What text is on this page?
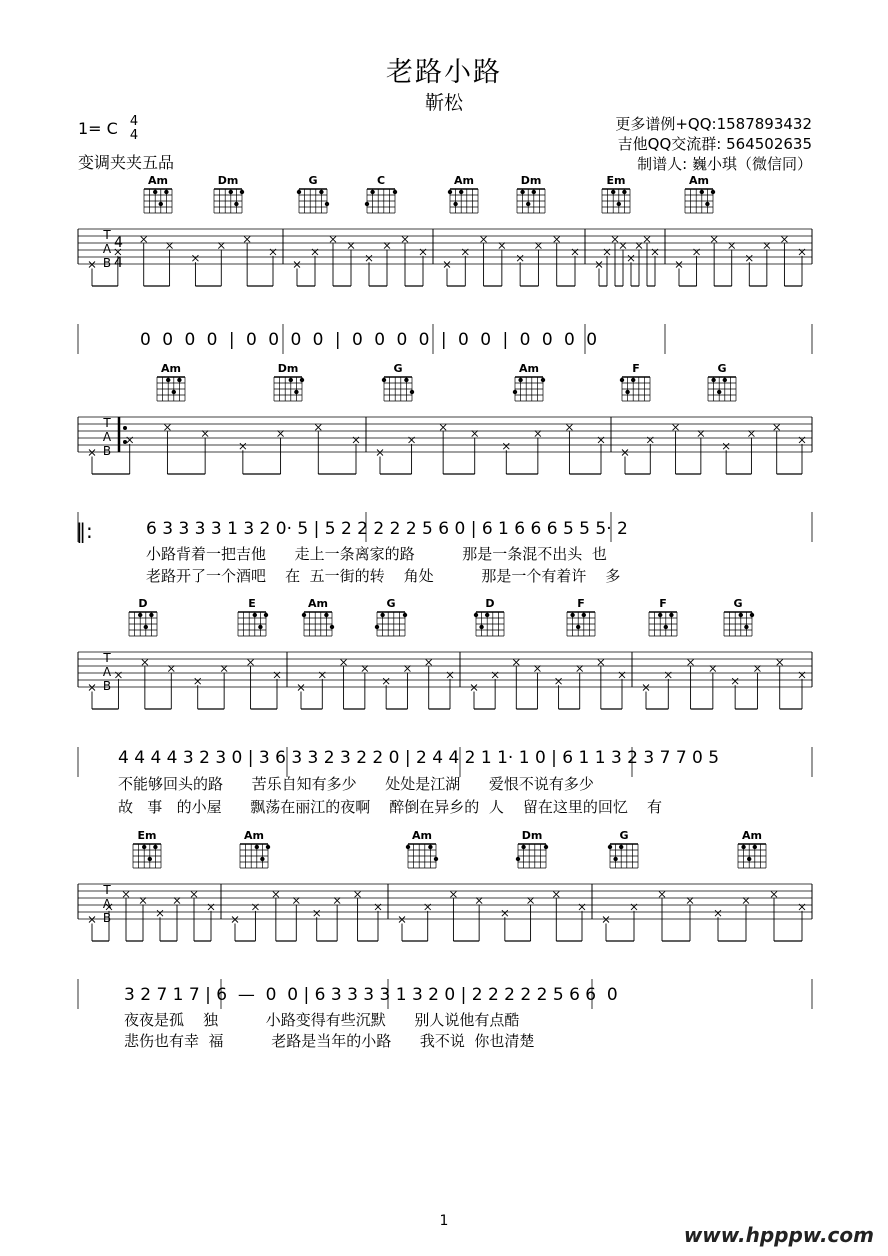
老路小路
靳松
1= C 4
4
变调夹夹五品
更多谱例+QQ:1587893432
吉他QQ交流群: 564502635
制谱人: 巍小琪（微信同）
Am	Dm	G	C	Am	Dm	Em	Am
Am	Dm	G	Am	F	G
D	E	Am	G	D	F	F	G
Em	Am	Am	Dm	G	Am
T
A
B
4
4
T
A
B
T
A
B
T
A
B
0 0 0 0 | 0 0 0 0 | 0 0 0 0 | 0 0 | 0 0 0 0
‖:	6 3 3 3 3 1 3 2 0· 5 | 5 2 2 2 2 2 5 6 0 | 6 1 6 6 6 5 5 5· 2
小路背着一把吉他      走上一条离家的路          那是一条混不出头  也
老路开了一个酒吧    在  五一街的转    角处          那是一个有着许    多
4 4 4 4 3 2 3 0 | 3 6 3 3 2 3 2 2 0 | 2 4 4 2 1 1· 1 0 | 6 1 1 3 2 3 7 7 0 5
不能够回头的路      苦乐自知有多少      处处是江湖      爱恨不说有多少
故   事   的小屋      飘荡在丽江的夜啊    醉倒在异乡的  人    留在这里的回忆    有
3 2 7 1 7 | 6  —  0  0 | 6 3 3 3 3 1 3 2 0 | 2 2 2 2 2 5 6 6  0
夜夜是孤    独          小路变得有些沉默      别人说他有点酷
悲伤也有幸  福          老路是当年的小路      我不说  你也清楚
1
www.hpppw.com
